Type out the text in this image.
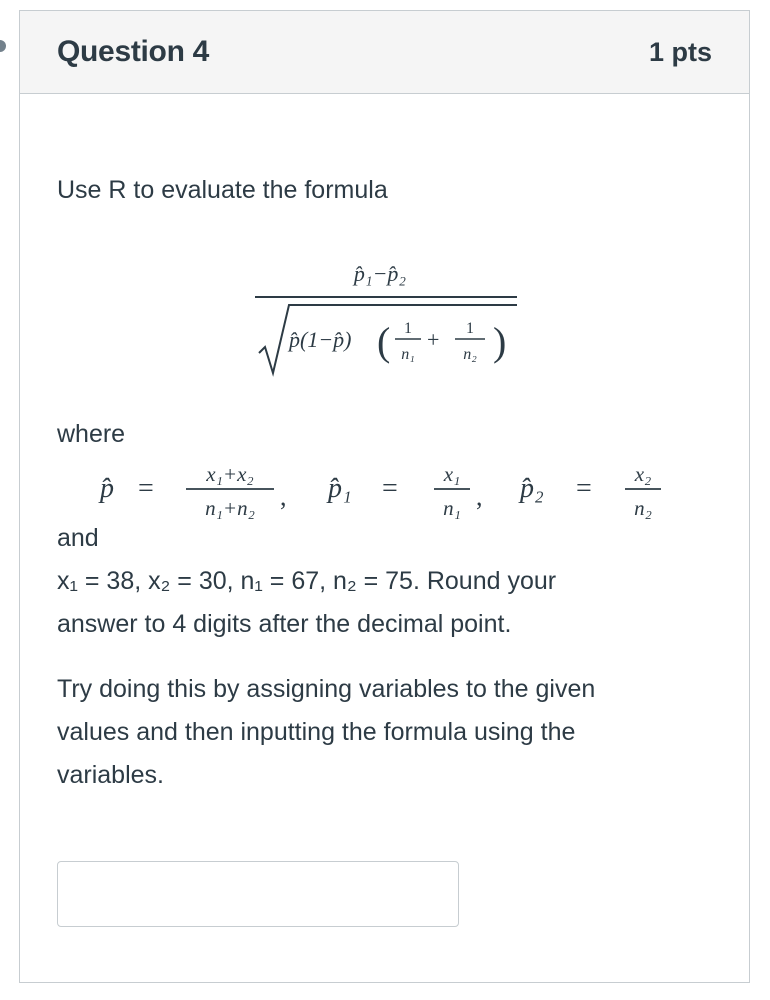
Question 4	1 pts
Use R to evaluate the formula
p̂₁−p̂₂
p̂(1−p̂) ( 1
n₁
+ 1
n₂ )
where
p̂ = x₁+x₂
n₁+n₂ , p̂₁ = x₁
n₁ , p̂₂ = x₂
n₂
and
x₁ = 38, x₂ = 30, n₁ = 67, n₂ = 75. Round your
answer to 4 digits after the decimal point.
Try doing this by assigning variables to the given
values and then inputting the formula using the
variables.
